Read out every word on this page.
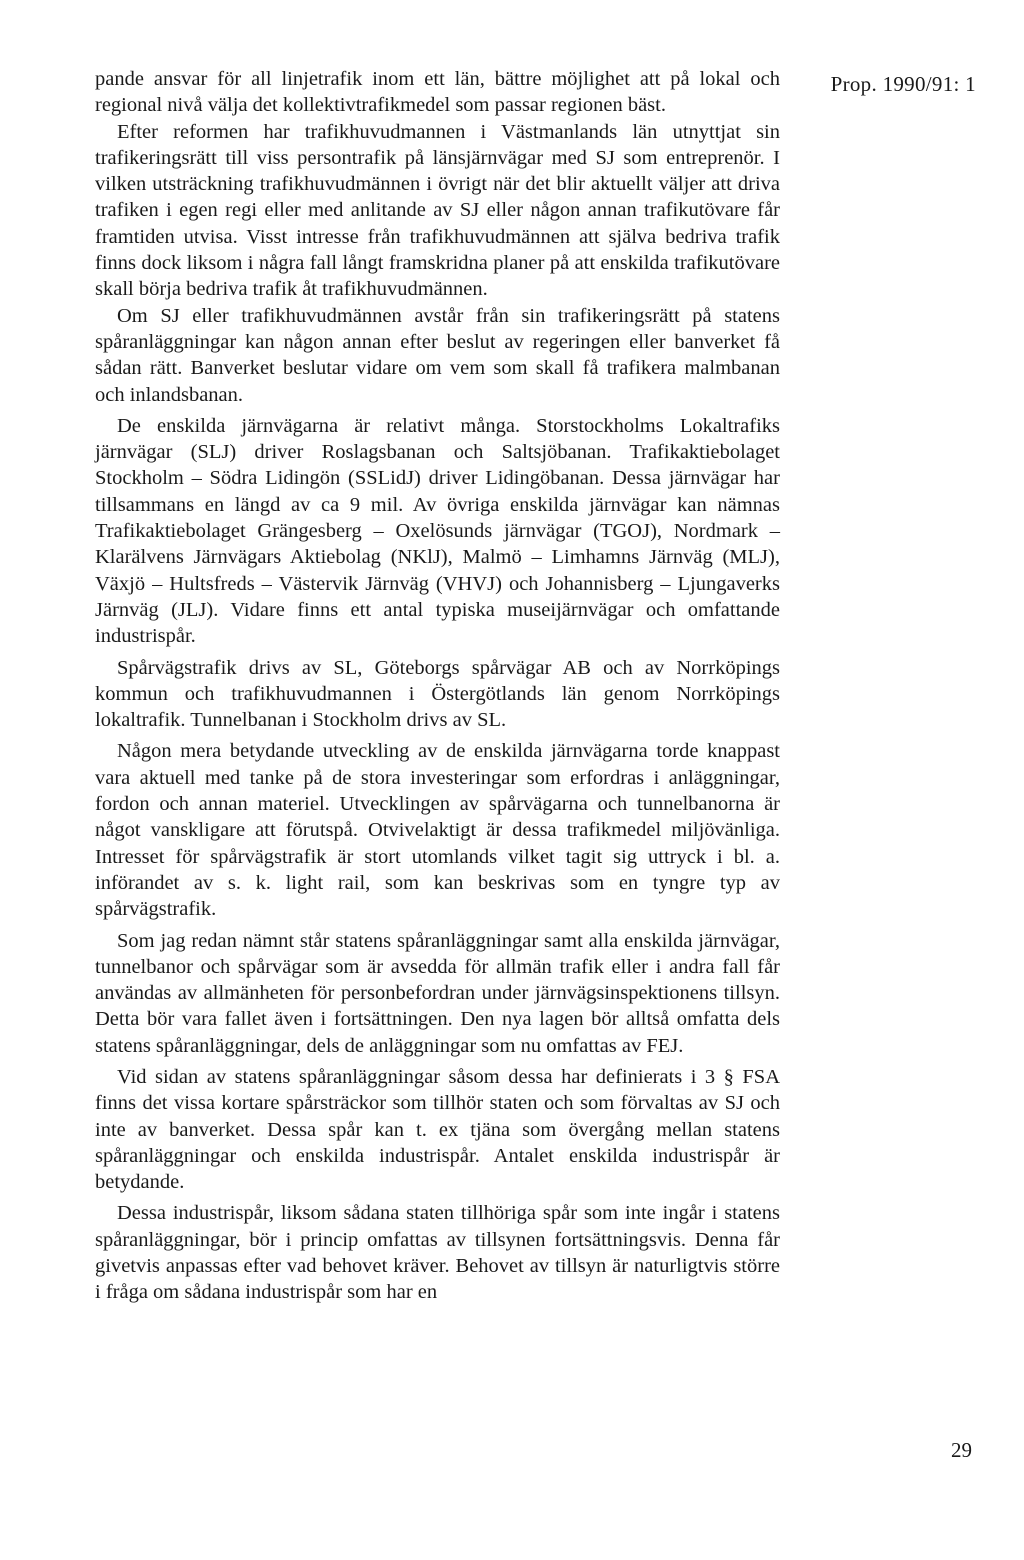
Prop. 1990/91: 1

pande ansvar för all linjetrafik inom ett län, bättre möjlighet att på lokal och regional nivå välja det kollektivtrafikmedel som passar regionen bäst.

Efter reformen har trafikhuvudmannen i Västmanlands län utnyttjat sin trafikeringsrätt till viss persontrafik på länsjärnvägar med SJ som entreprenör. I vilken utsträckning trafikhuvudmännen i övrigt när det blir aktuellt väljer att driva trafiken i egen regi eller med anlitande av SJ eller någon annan trafikutövare får framtiden utvisa. Visst intresse från trafikhuvudmännen att själva bedriva trafik finns dock liksom i några fall långt framskridna planer på att enskilda trafikutövare skall börja bedriva trafik åt trafikhuvudmännen.

Om SJ eller trafikhuvudmännen avstår från sin trafikeringsrätt på statens spåranläggningar kan någon annan efter beslut av regeringen eller banverket få sådan rätt. Banverket beslutar vidare om vem som skall få trafikera malmbanan och inlandsbanan.

De enskilda järnvägarna är relativt många. Storstockholms Lokaltrafiks järnvägar (SLJ) driver Roslagsbanan och Saltsjöbanan. Trafikaktiebolaget Stockholm – Södra Lidingön (SSLidJ) driver Lidingöbanan. Dessa järnvägar har tillsammans en längd av ca 9 mil. Av övriga enskilda järnvägar kan nämnas Trafikaktiebolaget Grängesberg – Oxelösunds järnvägar (TGOJ), Nordmark – Klarälvens Järnvägars Aktiebolag (NKlJ), Malmö – Limhamns Järnväg (MLJ), Växjö – Hultsfreds – Västervik Järnväg (VHVJ) och Johannisberg – Ljungaverks Järnväg (JLJ). Vidare finns ett antal typiska museijärnvägar och omfattande industrispår.

Spårvägstrafik drivs av SL, Göteborgs spårvägar AB och av Norrköpings kommun och trafikhuvudmannen i Östergötlands län genom Norrköpings lokaltrafik. Tunnelbanan i Stockholm drivs av SL.

Någon mera betydande utveckling av de enskilda järnvägarna torde knappast vara aktuell med tanke på de stora investeringar som erfordras i anläggningar, fordon och annan materiel. Utvecklingen av spårvägarna och tunnelbanorna är något vanskligare att förutspå. Otvivelaktigt är dessa trafikmedel miljövänliga. Intresset för spårvägstrafik är stort utomlands vilket tagit sig uttryck i bl. a. införandet av s. k. light rail, som kan beskrivas som en tyngre typ av spårvägstrafik.

Som jag redan nämnt står statens spåranläggningar samt alla enskilda järnvägar, tunnelbanor och spårvägar som är avsedda för allmän trafik eller i andra fall får användas av allmänheten för personbefordran under järnvägsinspektionens tillsyn. Detta bör vara fallet även i fortsättningen. Den nya lagen bör alltså omfatta dels statens spåranläggningar, dels de anläggningar som nu omfattas av FEJ.

Vid sidan av statens spåranläggningar såsom dessa har definierats i 3 § FSA finns det vissa kortare spårsträckor som tillhör staten och som förvaltas av SJ och inte av banverket. Dessa spår kan t. ex tjäna som övergång mellan statens spåranläggningar och enskilda industrispår. Antalet enskilda industrispår är betydande.

Dessa industrispår, liksom sådana staten tillhöriga spår som inte ingår i statens spåranläggningar, bör i princip omfattas av tillsynen fortsättningsvis. Denna får givetvis anpassas efter vad behovet kräver. Behovet av tillsyn är naturligtvis större i fråga om sådana industrispår som har en

29
